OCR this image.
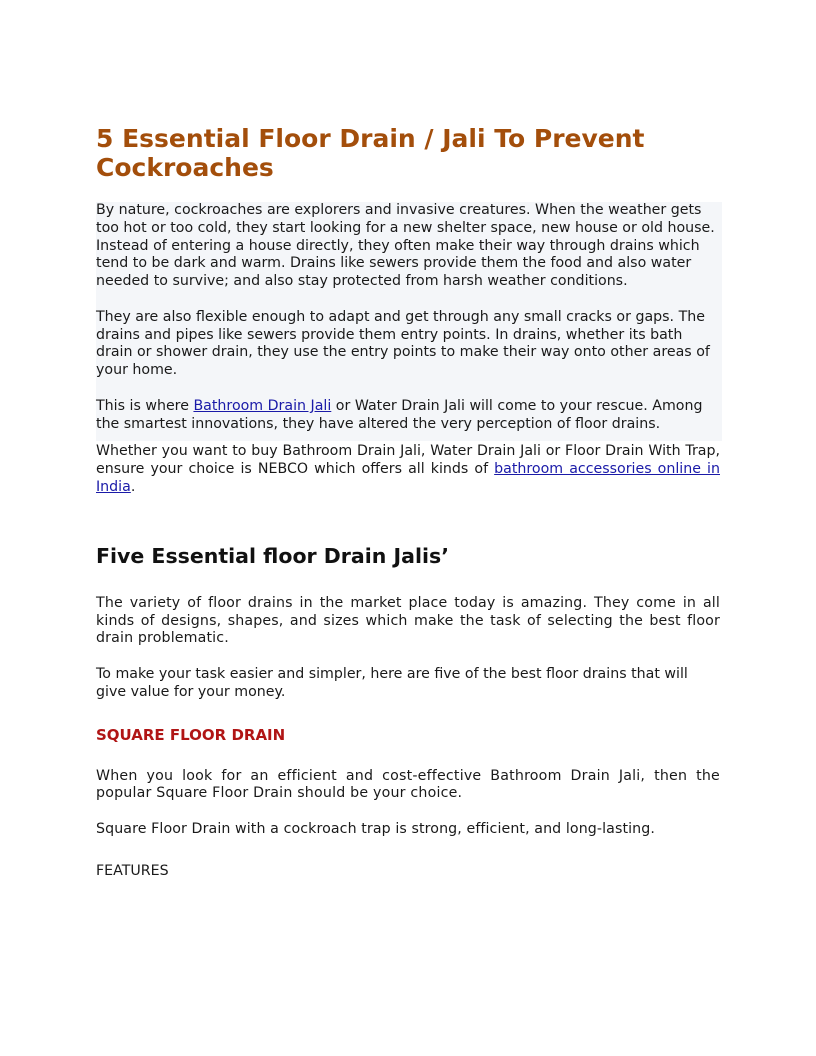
5 Essential Floor Drain / Jali To Prevent Cockroaches

By nature, cockroaches are explorers and invasive creatures. When the weather gets too hot or too cold, they start looking for a new shelter space, new house or old house. Instead of entering a house directly, they often make their way through drains which tend to be dark and warm. Drains like sewers provide them the food and also water needed to survive; and also stay protected from harsh weather conditions.

They are also flexible enough to adapt and get through any small cracks or gaps. The drains and pipes like sewers provide them entry points. In drains, whether its bath drain or shower drain, they use the entry points to make their way onto other areas of your home.

This is where Bathroom Drain Jali or Water Drain Jali will come to your rescue. Among the smartest innovations, they have altered the very perception of floor drains.

Whether you want to buy Bathroom Drain Jali, Water Drain Jali or Floor Drain With Trap, ensure your choice is NEBCO which offers all kinds of bathroom accessories online in India.

Five Essential floor Drain Jalis’

The variety of floor drains in the market place today is amazing. They come in all kinds of designs, shapes, and sizes which make the task of selecting the best floor drain problematic.

To make your task easier and simpler, here are five of the best floor drains that will give value for your money.

SQUARE FLOOR DRAIN

When you look for an efficient and cost-effective Bathroom Drain Jali, then the popular Square Floor Drain should be your choice.

Square Floor Drain with a cockroach trap is strong, efficient, and long-lasting.

FEATURES
